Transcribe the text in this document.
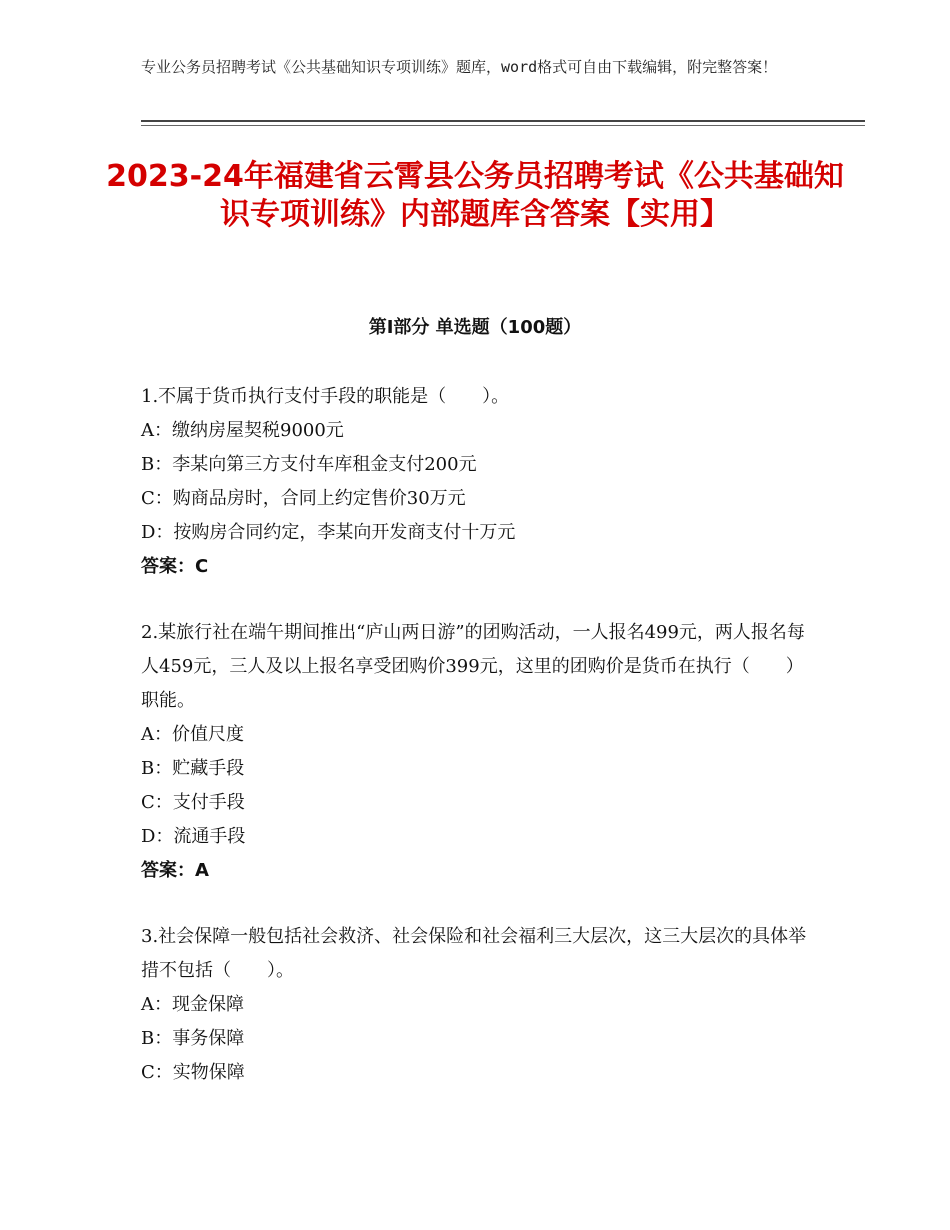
专业公务员招聘考试《公共基础知识专项训练》题库，word格式可自由下载编辑，附完整答案！
2023-24年福建省云霄县公务员招聘考试《公共基础知识专项训练》内部题库含答案【实用】
第I部分 单选题（100题）
1.不属于货币执行支付手段的职能是（　　）。
A：缴纳房屋契税9000元
B：李某向第三方支付车库租金支付200元
C：购商品房时，合同上约定售价30万元
D：按购房合同约定，李某向开发商支付十万元
答案：C
2.某旅行社在端午期间推出“庐山两日游”的团购活动，一人报名499元，两人报名每人459元，三人及以上报名享受团购价399元，这里的团购价是货币在执行（　　）职能。
A：价值尺度
B：贮藏手段
C：支付手段
D：流通手段
答案：A
3.社会保障一般包括社会救济、社会保险和社会福利三大层次，这三大层次的具体举措不包括（　　）。
A：现金保障
B：事务保障
C：实物保障
